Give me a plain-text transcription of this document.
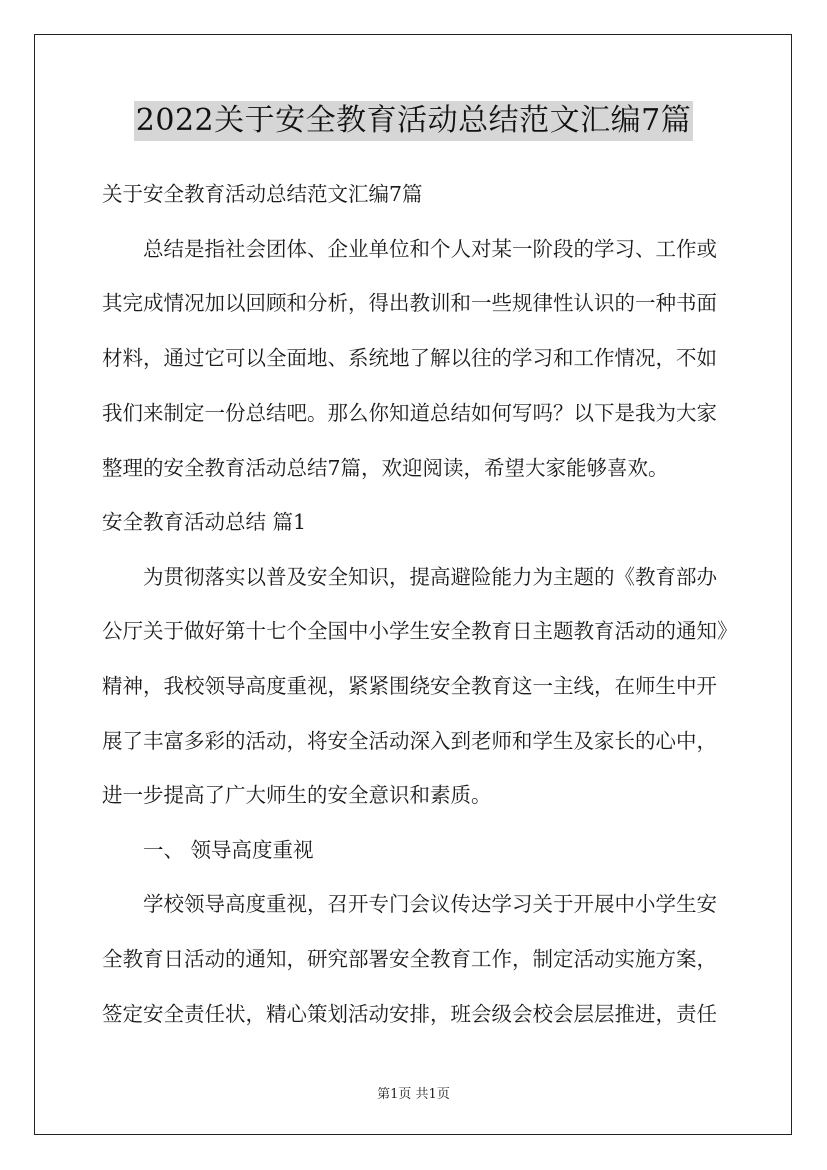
2022关于安全教育活动总结范文汇编7篇
关于安全教育活动总结范文汇编7篇
总结是指社会团体、企业单位和个人对某一阶段的学习、工作或
其完成情况加以回顾和分析，得出教训和一些规律性认识的一种书面
材料，通过它可以全面地、系统地了解以往的学习和工作情况，不如
我们来制定一份总结吧。那么你知道总结如何写吗？以下是我为大家
整理的安全教育活动总结7篇，欢迎阅读，希望大家能够喜欢。
安全教育活动总结 篇1
为贯彻落实以普及安全知识，提高避险能力为主题的《教育部办
公厅关于做好第十七个全国中小学生安全教育日主题教育活动的通知》
精神，我校领导高度重视，紧紧围绕安全教育这一主线，在师生中开
展了丰富多彩的活动，将安全活动深入到老师和学生及家长的心中，
进一步提高了广大师生的安全意识和素质。
一、 领导高度重视
学校领导高度重视，召开专门会议传达学习关于开展中小学生安
全教育日活动的通知，研究部署安全教育工作，制定活动实施方案，
签定安全责任状，精心策划活动安排，班会级会校会层层推进，责任
第1页 共1页
